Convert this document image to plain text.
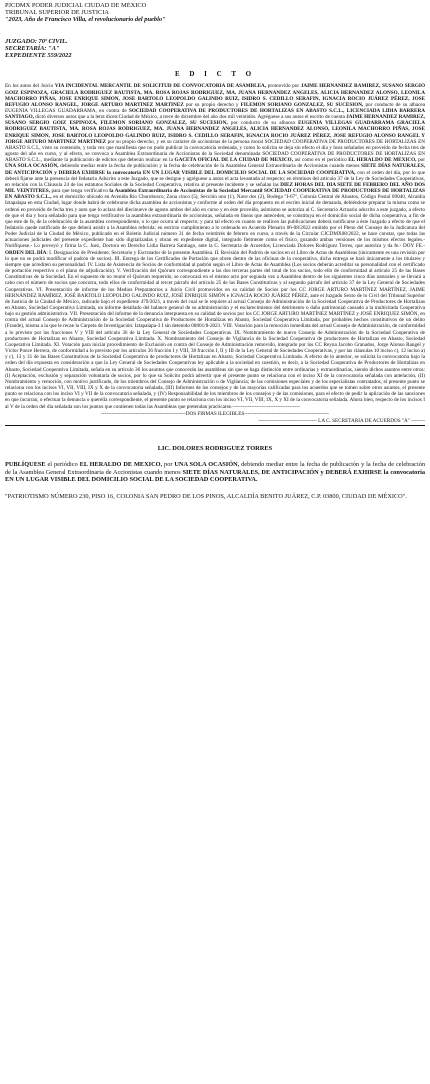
PJCDMX PODER JUDICIAL CIUDAD DE MÉXICO
TRIBUNAL SUPERIOR DE JUSTICIA
"2023, Año de Francisco Villa, el revolucionario del pueblo"
JUZGADO: 70º CIVIL.
SECRETARÍA: "A"
EXPEDIENTE 559/2022
E D I C T O
En los autos del Juicio VIA INCIDENTAL MERCANTIL DE SOLICITUD DE CONVOCATORIA DE ASAMBLEA, promovido por JAIME HERNANDEZ RAMIREZ, SUSANO SERGIO GOIZ ESPINOZA, GRACIELA RODRIGUEZ BAUTISTA, MA. ROSA ROJAS RODRIGUEZ, MA. JUANA HERNANDEZ ANGELES, ALICIA HERNANDEZ ALONSO, LEONILA MACHORRO PIÑAS, JOSE ENRIQUE SIMON, JOSE BARTOLO LEOPOLDO GALINDO RUIZ, ISIDRO S. CEDILLO SERAFIN, IGNACIA ROCIO JUÁREZ PÉREZ, JOSE REFUGIO ALONSO RANGEL, JORGE ARTURO MARTINEZ MARTINEZ por su propio derecho y FILEMON SORIANO GONZALEZ, SU SUCESION, por conducto de su albacea EUGENIA VILLEGAS GUADARRAMA, en contra de SOCIEDAD COOPERATIVA DE PRODUCTORES DE HORTALIZAS EN ABASTO S.C.L., LICENCIADA LIDIA BARRERA SANTIAGO, dictó diversos autos que a la letra dicen:Ciudad de México, a trece de diciembre del año dos mil veintidós. Agréguese a sus autos el escrito de cuenta JAIME HERNANDEZ RAMIREZ, SUSANO SERGIO GOIZ ESPINOZA, FILEMON SORIANO GONZALEZ, SU SUCESION, por conducto de su albacea EUGENIA VILLEGAS GUADARRAMA GRACIELA RODRIGUEZ BAUTISTA, MA. ROSA ROJAS RODRIGUEZ, MA. JUANA HERNANDEZ ANGELES, ALICIA HERNANDEZ ALONSO, LEONILA MACHORRO PIÑAS, JOSE ENRIQUE SIMON, JOSE BARTOLO LEOPOLDO GALINDO RUIZ, ISIDRO S. CEDILLO SERAFIN, IGNACIA ROCIO JUÁREZ PÉREZ, JOSE REFUGIO ALONSO RANGEL Y JORGE ARTURO MARTINEZ MARTINEZ por su propio derecho, y en su carácter de accionistas de la persona moral SOCIEDAD COOPERATIVA DE PRODUCTORES DE HORTALIZAS EN ABASTO S.C.L, visto su contenido, y toda vez que manifiesta que no pudo publicar la convocatoria ordenada, y como lo solicita se deja sin efecto el día y hora señalados en proveído de fecha tres de agosto del año en curso, y al efecto, se convoca a Asamblea Extraordinaria de Accionistas de la Sociedad denominada SOCIEDAD COOPERATIVA DE PRODUCTORES DE HORTALIZAS EN ABASTO S.C.L., mediante la publicación de edictos que deberán realizar en la GACETA OFICIAL DE LA CIUDAD DE MEXICO, así como en el periódico EL HERALDO DE MEXICO, por UNA SOLA OCASIÓN, debiendo mediar entre la fecha de publicación y la fecha de celebración de la Asamblea General Extraordinaria de Accionistas cuando menos SIETE DÍAS NATURALES, DE ANTICIPACIÓN y DEBERA EXHIRSE la convocatoria EN UN LUGAR VISIBLE DEL DOMICILIO SOCIAL DE LA SOCIEDAD COOPERATIVA, con el orden del día, por lo que deberá fijarse ante la presencia del fedatario Adscrito a este Juzgado, que se designe y agréguese a autos el acta levantada al respecto; en términos del artículo 37 de la Ley de Sociedades Cooperativas, en relación con la Cláusula 24 de los estatutos Sociales de la Sociedad Cooperativa, relativa al presente incidente y se señalan las DIEZ HORAS DEL DIA SIETE DE FEBRERO DEL AÑO DOS MIL VEINTITRES, para que tenga verificativo la Asamblea Extraordinaria de Accionistas de la Sociedad Mercantil SOCIEDAD COOPERATIVA DE PRODUCTORES DE HORTALIZAS EN ABASTO S.C.L., en el domicilio ubicado en Avenida Río Churubusco, Zona cinco (5), Sección uno (1), Nave dos (2), Bodega "I-67", Colonia Central de Abastos, Código Postal 09040, Alcaldía Iztapalapa en esta Ciudad, lugar donde habrá de celebrarse dicha asamblea de accionistas y conforme al orden del día propuesto en el escrito inicial de demanda, debiéndose preparar la misma como se ordenó en proveído de fecha tres y auto que lo aclara del diecinueve de agosto ambos del año en curso y en éste proveído, asimismo se autoriza al C. Secretario Actuario adscrito a este juzgado, a efecto de que el día y hora señalado para que tenga verificativo la asamblea extraordinaria de accionistas, señalada en líneas que anteceden, se constituya en el domicilio social de dicha cooperativa, a fin de que este de fe, de la celebración de la asamblea correspondiente, o lo que ocurra al respecto; y para tal efecto en cuanto se realicen las publicaciones deberá notificarse a éste Juzgado a efecto de que el fedatario quede notificado de que deberá asistir a la Asamblea referida; en estricto cumplimiento a lo ordenado en Acuerdo Plenario 06-08/2022 emitido por el Pleno del Consejo de la Judicatura del Poder Judicial de la Ciudad de México, publicado en el Boletín Judicial número 31 de fecha veintitrés de febrero en curso, a través de la Circular CJCDMX08/2022, se hace constar, que todas las actuaciones judiciales del presente expediente han sido digitalizadas y obran en expediente digital, integrado fielmente como el físico, gozando ambas versiones de los mismos efectos legales.- Notifíquese.- Lo proveyó y firma la C. Juez, Doctora en Derecho Lidia Barrera Santiago, ante la C. Secretaria de Acuerdos, Licenciada Dolores Rodríguez Torres, que autoriza y da fe.- DOY FE.- ORDEN DEL DÍA: I. Designación de Presidente, Secretario y Escrutador de la presente Asamblea. II. Revisión del Padrón de socios en el Libro de Actas de Asambleas (únicamente es una revisión por lo que no se podrá modificar el padrón de socios). III. Entrega de los Certificados de Portación que obren dentro de las oficinas de la cooperativa, dicha entrega se hará únicamente a los titulares y siempre que acrediten su personalidad. IV. Lista de Asistencia de Socios de conformidad al padrón según el Libro de Actas de Asamblea (Los socios deberán acreditar su personalidad con el certificado de portación respectivo o el plano de adjudicación). V. Verificación del Quórum correspondiente a las dos terceras partes del total de los socios, todo ello de conformidad al artículo 25 de las Bases Constitutivas de la Sociedad. En el supuesto de no reunir el Quórum requerido, se convocará en el mismo acto por segunda vez a Asamblea dentro de los siguientes cinco días naturales y se llevará a cabo con el número de socios que concurra, todo ellos de conformidad al tercer párrafo del artículo 25 de las Bases Constitutivas y al segundo párrafo del artículo 37 de la Ley General de Sociedades Cooperativas. VI. Presentación de informe de los Medios Preparatorios a Juicio Civil promovidos en su calidad de Socios por los CC JORGE ARTURO MARTÍNEZ MARTÍNEZ, JAIME HERNÁNDEZ RAMÍREZ, JOSÉ BARTOLO LEOPOLDO GALINDO RUIZ, JOSÉ ENRIQUE SIMÓN e IGNACIA ROCIO JUÁREZ PÉREZ, ante el Juzgado Sexto de lo Civil del Tribunal Superior de Justicia de la Ciudad de México, radicado bajo el expediente 479/2021, a través del cual se le requiere al actual Consejo de Administración de la Sociedad Cooperativa de Productores de Hortalizas en Abasto, Sociedad Cooperativa Limitada, un informe detallado del balance general de su administración y el esclarecimiento del detrimento o daño patrimonial causado a la multicitada Cooperativa bajo su gestión administrativa. VII. Presentación del informe de la denuncia interpuesta en su calidad de socios por los CC JORGE ARTURO MARTÍNEZ MARTÍNEZ y JOSÉ ENRIQUEZ SIMÓN, en contra del actual Consejo de Administración de la Sociedad Cooperativa de Productores de Hortalizas en Abasto, Sociedad Cooperativa Limitada, por probables hechos constitutivos de un delito (Fraude), misma a la que le recae la Carpeta de Investigación: Iztapalapa-3 I sin detenido 00801/8-2021. VIII. Votación para la remoción inmediata del actual Consejo de Administración, de conformidad a lo previsto por las fracciones V y VIII del artículo 36 de la Ley General de Sociedades Cooperativas. IX. Nombramiento de nuevo Consejo de Administración de la Sociedad Cooperativa de productores de Hortalizas en Abasto, Sociedad Cooperativa Limitada. X. Nombramiento del Consejo de Vigilancia de la Sociedad Cooperativa de productores de Hortalizas en Abasto, Sociedad Cooperativa Limitada. XI. Votación para iniciar procedimiento de Exclusión en contra del Consejo de Administración removido, integrado por los CC Reyna Jacobo Granados, Jorge Alonso Rangel y Víctor Ponce Herrera, de conformidad a lo previsto por los artículos 36 fracción I y VIII, 38 fracción I, II y III de la Ley General de Sociedades Cooperativas, y por las cláusulas 10 inciso c), 12 inciso a) y c), 13 y 31 de las Bases Constitutivas de la Sociedad Cooperativa de productores de Hortalizas en Abasto, Sociedad Cooperativa Limitada. A efecto de lo anterior, se solicita la convocatoria bajo la orden del día expuesta en consideración a que la Ley General de Sociedades Cooperativas ley aplicable a la sociedad en cuestión, es decir, a la Sociedad Cooperativa de Productores de Hortalizas en Abasto, Sociedad Cooperativa Limitada, señala en su artículo 36 los asuntos que conocerán las asambleas sin que se haga distinción entre ordinarias y extraordinarias, siendo dichos asuntos entre otros: (I) Aceptación, exclusión y separación voluntaria de socios, por lo que su Solicito podrá advertir que el presente punto se relaciona con el inciso XI de la convocatoria señalada con antelación, (II) Nombramiento y remoción, con motivo justificado, de los miembros del Consejo de Administración o de Vigilancia; de las comisiones especiales y de los especialistas contratados, el presente punto se relaciona con los incisos VI, VII, VIII, IX y X de la convocatoria señalada, (III) Informes de los consejos y de las mayorías calificadas para los acuerdos que se tomen sobre otros asuntos, el presente punto se relaciona con los inciso VI y VII de la convocatoria señalada, y (IV) Responsabilidad de los miembros de los consejos y de las comisiones, para el efecto de pedir la aplicación de las sanciones en que incurran, o efectuar la denuncia o querella correspondiente, el presente punto se relaciona con los inciso VI, VII, VIII, IX, X y XI de la convocatoria señalada. Ahora bien, respecto de los incisos I al V de la orden del día señalada son los puntos que contienen todas las Asambleas que pretendan practicarse.---------------------------------------
-------------------------------------------------DOS FIRMAS ILEGIBLES-------------------------------------------------
---------------------------------- LA C. SECRETARIA DE ACUERDOS "A" --------
LIC. DOLORES RODRIGUEZ TORRES
PUBLÍQUESE el periódico EL HERALDO DE MEXICO, por UNA SOLA OCASIÓN, debiendo mediar entre la fecha de publicación y la fecha de celebración de la Asamblea General Extraordinaria de Accionistas cuando menos SIETE DÍAS NATURALES, DE ANTICIPACIÓN y DEBERÁ EXHIRSE la convocatoria EN UN LUGAR VISIBLE DEL DOMICILIO SOCIAL DE LA SOCIEDAD COOPERATIVA.
"PATRIOTISMO NÚMERO 230, PISO 16, COLONIA SAN PEDRO DE LOS PINOS, ALCALDÍA BENITO JUÁREZ, C.P. 03800, CIUDAD DE MÉXICO".
